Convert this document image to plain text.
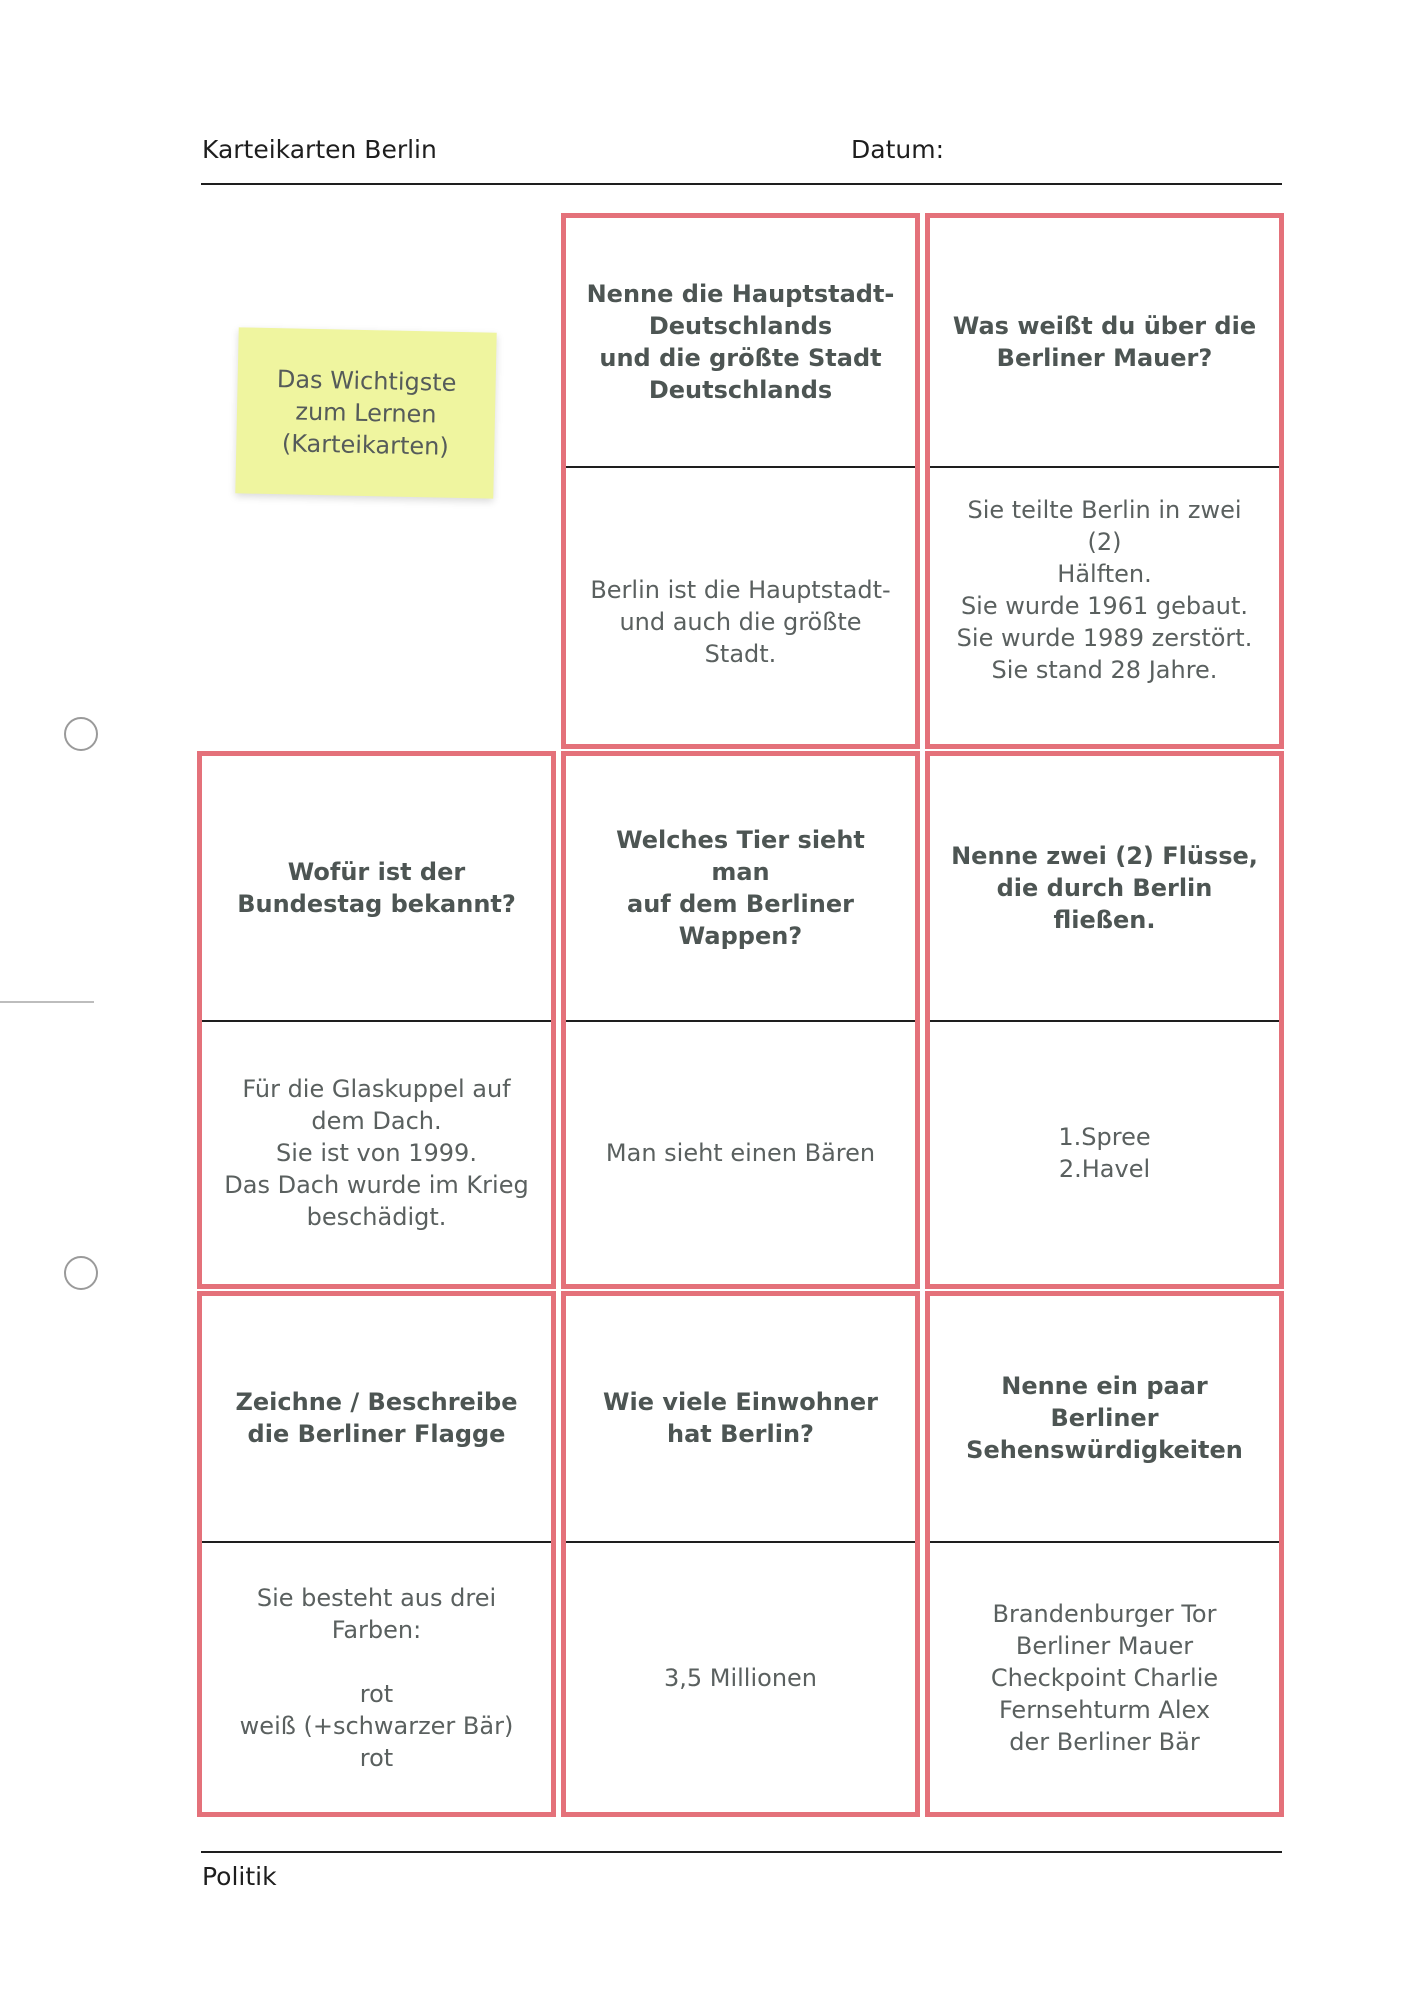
Karteikarten Berlin	Datum:
Das Wichtigste
zum Lernen
(Karteikarten)
Nenne die Hauptstadt-
Deutschlands
und die größte Stadt
Deutschlands

Berlin ist die Hauptstadt-
und auch die größte
Stadt.
Was weißt du über die
Berliner Mauer?
Sie teilte Berlin in zwei (2)
Hälften.
Sie wurde 1961 gebaut.
Sie wurde 1989 zerstört.
Sie stand 28 Jahre.

Wofür ist der
Bundestag bekannt?
Für die Glaskuppel auf
dem Dach.
Sie ist von 1999.
Das Dach wurde im Krieg
beschädigt.
Welches Tier sieht man
auf dem Berliner
Wappen?
Man sieht einen Bären
Nenne zwei (2) Flüsse,
die durch Berlin
fließen.
1.Spree
2.Havel

Zeichne / Beschreibe
die Berliner Flagge
Sie besteht aus drei
Farben:

rot
weiß (+schwarzer Bär)
rot
Wie viele Einwohner
hat Berlin?
3,5 Millionen
Nenne ein paar Berliner
Sehenswürdigkeiten
Brandenburger Tor
Berliner Mauer
Checkpoint Charlie
Fernsehturm Alex
der Berliner Bär
Politik
